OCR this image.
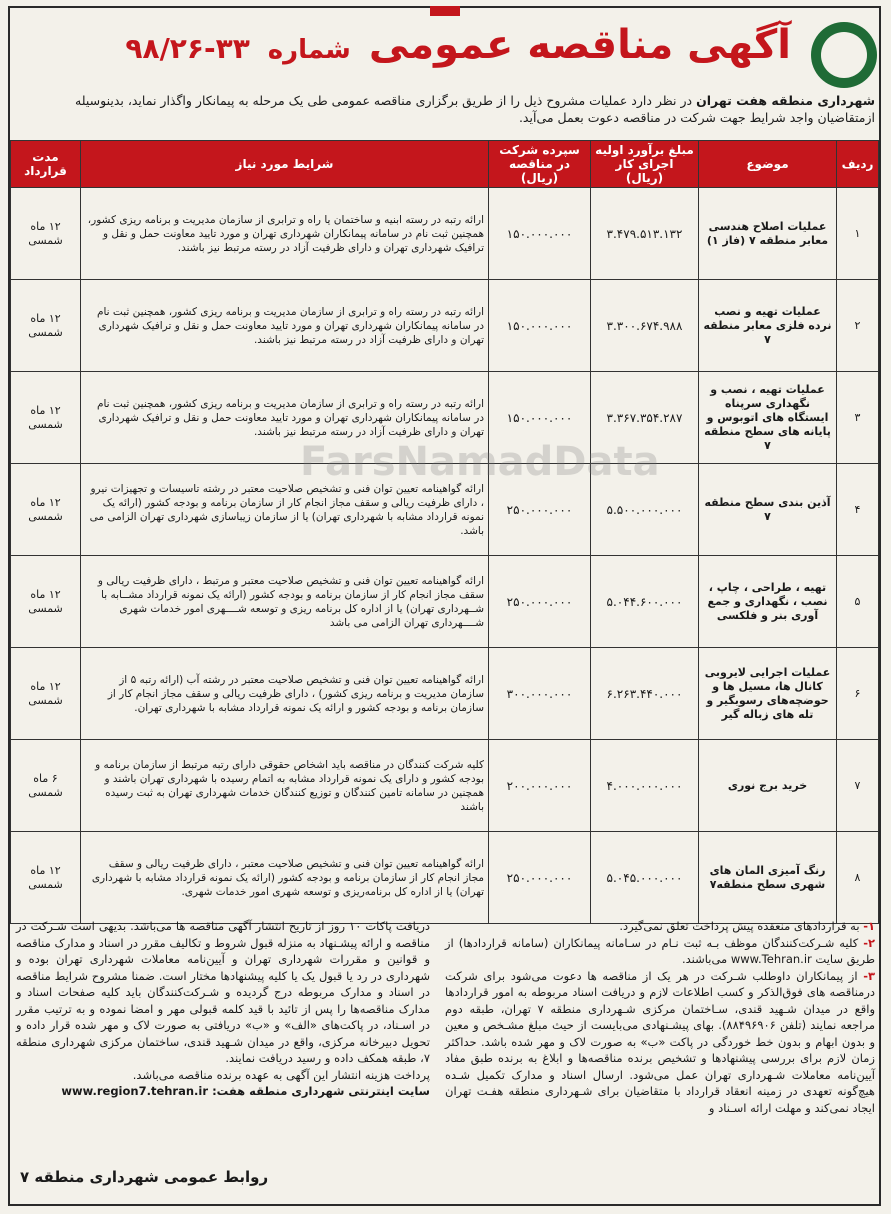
آگهی مناقصه عمومی
شماره
۹۸/۲۶-۳۳
شهرداری منطقه هفت تهران در نظر دارد عملیات مشروح ذیل را از طریق برگزاری مناقصه عمومی طی یک مرحله به پیمانکار واگذار نماید، بدینوسیله ازمتقاضیان واجد شرایط جهت شرکت در مناقصه دعوت بعمل می‌آید.
ردیف	موضوع	مبلغ برآورد اولیه اجرای کار (ریال)	سپرده شرکت در مناقصه (ریال)	شرایط مورد نیاز	مدت قرارداد
۱	عملیات اصلاح هندسی معابر منطقه ۷ (فاز ۱)	۳.۴۷۹.۵۱۳.۱۳۲	۱۵۰.۰۰۰.۰۰۰	ارائه رتبه در رسته ابنیه و ساختمان یا راه و ترابری از سازمان مدیریت و برنامه ریزی کشور، همچنین ثبت نام در سامانه پیمانکاران شهرداری تهران و مورد تایید معاونت حمل و نقل و ترافیک شهرداری تهران و دارای ظرفیت آزاد در رسته مرتبط نیز باشند.	۱۲ ماه شمسی
۲	عملیات تهیه و نصب نرده فلزی معابر منطقه ۷	۳.۳۰۰.۶۷۴.۹۸۸	۱۵۰.۰۰۰.۰۰۰	ارائه رتبه در رسته راه و ترابری از سازمان مدیریت و برنامه ریزی کشور، همچنین ثبت نام در سامانه پیمانکاران شهرداری تهران و مورد تایید معاونت حمل و نقل و ترافیک شهرداری تهران و دارای ظرفیت آزاد در رسته مرتبط نیز باشند.	۱۲ ماه شمسی
۳	عملیات تهیه ، نصب و نگهداری سرپناه ایستگاه های اتوبوس و پایانه های سطح منطقه ۷	۳.۳۶۷.۳۵۴.۲۸۷	۱۵۰.۰۰۰.۰۰۰	ارائه رتبه در رسته راه و ترابری از سازمان مدیریت و برنامه ریزی کشور، همچنین ثبت نام در سامانه پیمانکاران شهرداری تهران و مورد تایید معاونت حمل و نقل و ترافیک شهرداری تهران و دارای ظرفیت آزاد در رسته مرتبط نیز باشند.	۱۲ ماه شمسی
۴	آذین بندی سطح منطقه ۷	۵.۵۰۰.۰۰۰.۰۰۰	۲۵۰.۰۰۰.۰۰۰	ارائه گواهینامه تعیین توان فنی و تشخیص صلاحیت معتبر در رشته تاسیسات و تجهیزات نیرو ، دارای ظرفیت ریالی و سقف مجاز انجام کار از سازمان برنامه و بودجه کشور (ارائه یک نمونه قرارداد مشابه با شهرداری تهران) یا از سازمان زیباسازی شهرداری تهران الزامی می باشد.	۱۲ ماه شمسی
۵	تهیه ، طراحی ، چاپ ، نصب ، نگهداری و جمع آوری بنر و فلکسی	۵.۰۴۴.۶۰۰.۰۰۰	۲۵۰.۰۰۰.۰۰۰	ارائه گواهینامه تعیین توان فنی و تشخیص صلاحیت معتبر و مرتبط ، دارای ظرفیت ریالی و سقف مجاز انجام کار از سازمان برنامه و بودجه کشور (ارائه یک نمونه قرارداد مشــابه با شــهرداری تهران) یا از اداره کل برنامه ریزی و توسعه شــــهری امور خدمات شهری شــــهرداری تهران الزامی می باشد	۱۲ ماه شمسی
۶	عملیات اجرایی لایروبی کانال ها، مسیل ها و حوضچه‌های رسوبگیر و تله های زباله گیر	۶.۲۶۳.۴۴۰.۰۰۰	۳۰۰.۰۰۰.۰۰۰	ارائه گواهینامه تعیین توان فنی و تشخیص صلاحیت معتبر در رشته آب (ارائه رتبه ۵ از سازمان مدیریت و برنامه ریزی کشور) ، دارای ظرفیت ریالی و سقف مجاز انجام کار از سازمان برنامه و بودجه کشور و ارائه یک نمونه قرارداد مشابه با شهرداری تهران.	۱۲ ماه شمسی
۷	خرید برج نوری	۴.۰۰۰.۰۰۰.۰۰۰	۲۰۰.۰۰۰.۰۰۰	کلیه شرکت کنندگان در مناقصه باید اشخاص حقوقی دارای رتبه مرتبط از سازمان برنامه و بودجه کشور و دارای یک نمونه قرارداد مشابه به اتمام رسیده با شهرداری تهران باشند و همچنین در سامانه تامین کنندگان و توزیع کنندگان خدمات شهرداری تهران به ثبت رسیده باشند	۶ ماه شمسی
۸	رنگ آمیزی المان های شهری سطح منطقه۷	۵.۰۴۵.۰۰۰.۰۰۰	۲۵۰.۰۰۰.۰۰۰	ارائه گواهینامه تعیین توان فنی و تشخیص صلاحیت معتبر ، دارای ظرفیت ریالی و سقف مجاز انجام کار از سازمان برنامه و بودجه کشور (ارائه یک نمونه قرارداد مشابه با شهرداری تهران) یا از اداره کل برنامه‌ریزی و توسعه شهری امور خدمات شهری.	۱۲ ماه شمسی
FarsNamadData

۱- به قراردادهای منعقده پیش پرداخت تعلق نمی‌گیرد.

۲- کلیه شـرکت‌کنندگان موظف بـه ثبت نـام در سـامانه پیمانکاران (سامانه قراردادها) از طریق سایت www.Tehran.ir می‌باشند.

۳- از پیمانکاران داوطلب شـرکت در هر یک از مناقصه ها دعوت می‌شود برای شرکت درمناقصه های فوق‌الذکر و کسب اطلاعات لازم و دریافت اسناد مربوطه به امور قراردادها واقع در میدان شـهید قندی، سـاختمان مرکزی شـهرداری منطقه ۷ تهران، طبقه دوم مراجعه نمایند (تلفن ۸۸۴۹۶۹۰۶). بهای پیشـنهادی می‌بایست از حیث مبلغ مشـخص و معین و بدون ابهام و بدون خط خوردگی در پاکت «ب» به صورت لاک و مهر شده باشد. حداکثر زمان لازم برای بررسی پیشنهادها و تشخیص برنده مناقصه‌ها و ابلاغ به برنده طبق مفاد آیین‌نامه معاملات شـهرداری تهران عمل می‌شود. ارسال اسناد و مدارک تکمیل شـده هیچ‌گونه تعهدی در زمینه انعقاد قرارداد با متقاضیان برای شـهرداری منطقه هفـت تهران ایجاد نمی‌کند و مهلت ارائه اسـناد و

دریافت پاکات ۱۰ روز از تاریخ انتشار آگهی مناقصه ها می‌باشد. بدیهی است شـرکت در مناقصه و ارائه پیشـنهاد به منزله قبول شروط و تکالیف مقرر در اسناد و مدارک مناقصه و قوانین و مقررات شهرداری تهران و آیین‌نامه معاملات شهرداری تهران بوده و شهرداری در رد یا قبول یک یا کلیه پیشنهادها مختار است. ضمنا مشروح شرایط مناقصه در اسناد و مدارک مربوطه درج گردیده و شـرکت‌کنندگان باید کلیه صفحات اسناد و مدارک مناقصه‌ها را پس از تائید با قید کلمه قبولی مهر و امضا نموده و به ترتیب مقرر در اسـناد، در پاکت‌های «الف» و «ب» دریافتی به صورت لاک و مهر شده قرار داده و تحویل دبیرخانه مرکزی، واقع در میدان شـهید قندی، ساختمان مرکزی شهرداری منطقه ۷، طبقه همکف داده و رسید دریافت نمایند.

پرداخت هزینه انتشار این آگهی به عهده برنده مناقصه می‌باشد.

سایت اینترنتی شهرداری منطقه هفت: www.region7.tehran.ir

روابط عمومی شهرداری منطقه ۷
